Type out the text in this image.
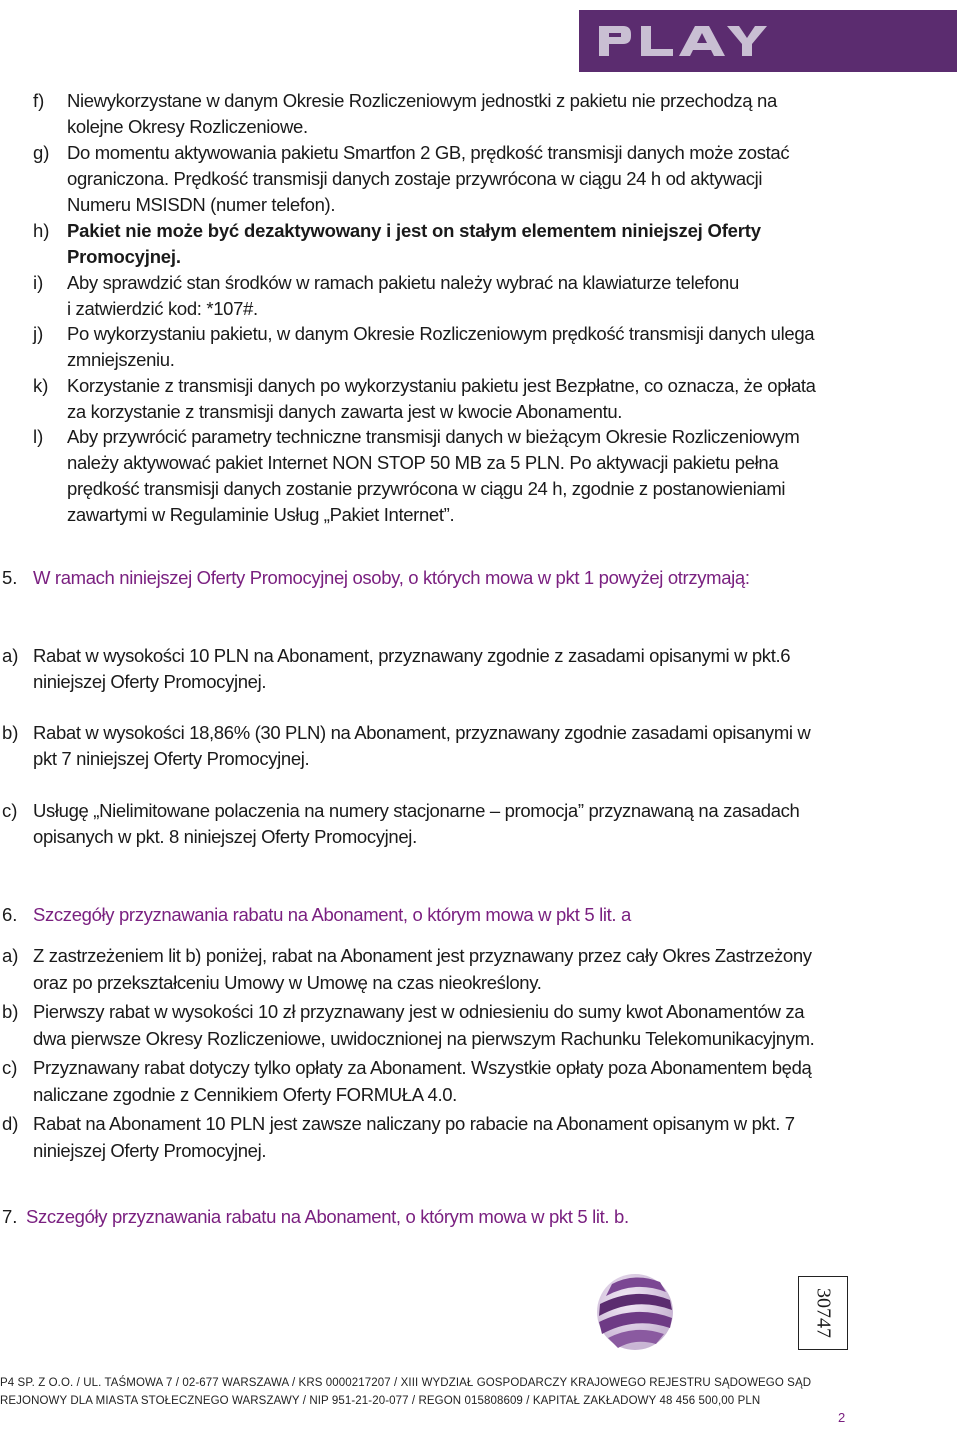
f) Niewykorzystane w danym Okresie Rozliczeniowym jednostki z pakietu nie przechodzą na
kolejne Okresy Rozliczeniowe.
g) Do momentu aktywowania pakietu Smartfon 2 GB, prędkość transmisji danych może zostać
ograniczona. Prędkość transmisji danych zostaje przywrócona w ciągu 24 h od aktywacji
Numeru MSISDN (numer telefon).
h) Pakiet nie może być dezaktywowany i jest on stałym elementem niniejszej Oferty
Promocyjnej.
i) Aby sprawdzić stan środków w ramach pakietu należy wybrać na klawiaturze telefonu
i zatwierdzić kod: *107#.
j) Po wykorzystaniu pakietu, w danym Okresie Rozliczeniowym prędkość transmisji danych ulega
zmniejszeniu.
k) Korzystanie z transmisji danych po wykorzystaniu pakietu jest Bezpłatne, co oznacza, że opłata
za korzystanie z transmisji danych zawarta jest w kwocie Abonamentu.
l) Aby przywrócić parametry techniczne transmisji danych w bieżącym Okresie Rozliczeniowym
należy aktywować pakiet Internet NON STOP 50 MB za 5 PLN. Po aktywacji pakietu pełna
prędkość transmisji danych zostanie przywrócona w ciągu 24 h, zgodnie z postanowieniami
zawartymi w Regulaminie Usług „Pakiet Internet”.
5. W ramach niniejszej Oferty Promocyjnej osoby, o których mowa w pkt 1 powyżej otrzymają:
a) Rabat w wysokości 10 PLN na Abonament, przyznawany zgodnie z zasadami opisanymi w pkt.6
niniejszej Oferty Promocyjnej.
b) Rabat w wysokości 18,86% (30 PLN) na Abonament, przyznawany zgodnie zasadami opisanymi w
pkt 7 niniejszej Oferty Promocyjnej.
c) Usługę „Nielimitowane polaczenia na numery stacjonarne – promocja” przyznawaną na zasadach
opisanych w pkt. 8 niniejszej Oferty Promocyjnej.
6. Szczegóły przyznawania rabatu na Abonament, o którym mowa w pkt 5 lit. a
a) Z zastrzeżeniem lit b) poniżej, rabat na Abonament jest przyznawany przez cały Okres Zastrzeżony
oraz po przekształceniu Umowy w Umowę na czas nieokreślony.
b) Pierwszy rabat w wysokości 10 zł przyznawany jest w odniesieniu do sumy kwot Abonamentów za
dwa pierwsze Okresy Rozliczeniowe, uwidocznionej na pierwszym Rachunku Telekomunikacyjnym.
c) Przyznawany rabat dotyczy tylko opłaty za Abonament. Wszystkie opłaty poza Abonamentem będą
naliczane zgodnie z Cennikiem Oferty FORMUŁA 4.0.
d) Rabat na Abonament 10 PLN jest zawsze naliczany po rabacie na Abonament opisanym w pkt. 7
niniejszej Oferty Promocyjnej.
7. Szczegóły przyznawania rabatu na Abonament, o którym mowa w pkt 5 lit. b.
30747
P4 SP. Z O.O. / UL. TAŚMOWA 7 / 02-677 WARSZAWA / KRS 0000217207 / XIII WYDZIAŁ GOSPODARCZY KRAJOWEGO REJESTRU SĄDOWEGO SĄD
REJONOWY DLA MIASTA STOŁECZNEGO WARSZAWY / NIP 951-21-20-077 / REGON 015808609 / KAPITAŁ ZAKŁADOWY 48 456 500,00 PLN
2
